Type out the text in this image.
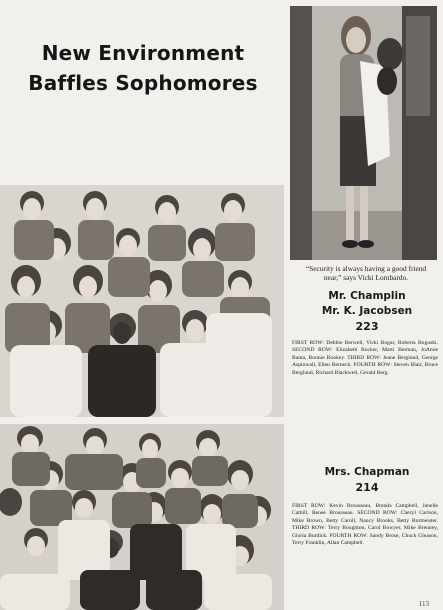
New Environment
Baffles Sophomores
“Security is always having a good friend near,” says Vicki Lombardo.
Mr. Champlin
Mr. K. Jacobsen
223
FIRST ROW: Debbie Berwell, Vicki Bogar, Roberta Boguski. SECOND ROW: Elizabeth Bocker, Marti Berman, JoAnne Banta, Ronnie Bookey. THIRD ROW: Jeane Berglund, George Aspinwall, Ellen Berneck. FOURTH ROW: Steven Blair, Bruce Berglund, Richard Blackwell, Gerald Berg.
Mrs. Chapman
214
FIRST ROW: Kevin Brousseau, Brenda Campbell, Janelle Cathill, Renee Brousseau. SECOND ROW: Cheryl Carlson, Mike Brown, Betty Caroll, Nancy Brooks, Betty Burmeister. THIRD ROW: Terry Boughton, Carol Bowyer, Mike Brenney, Gloria Burdick. FOURTH ROW: Sandy Brose, Chuck Gleason, Terry Franklin, Allan Campbell.
113
